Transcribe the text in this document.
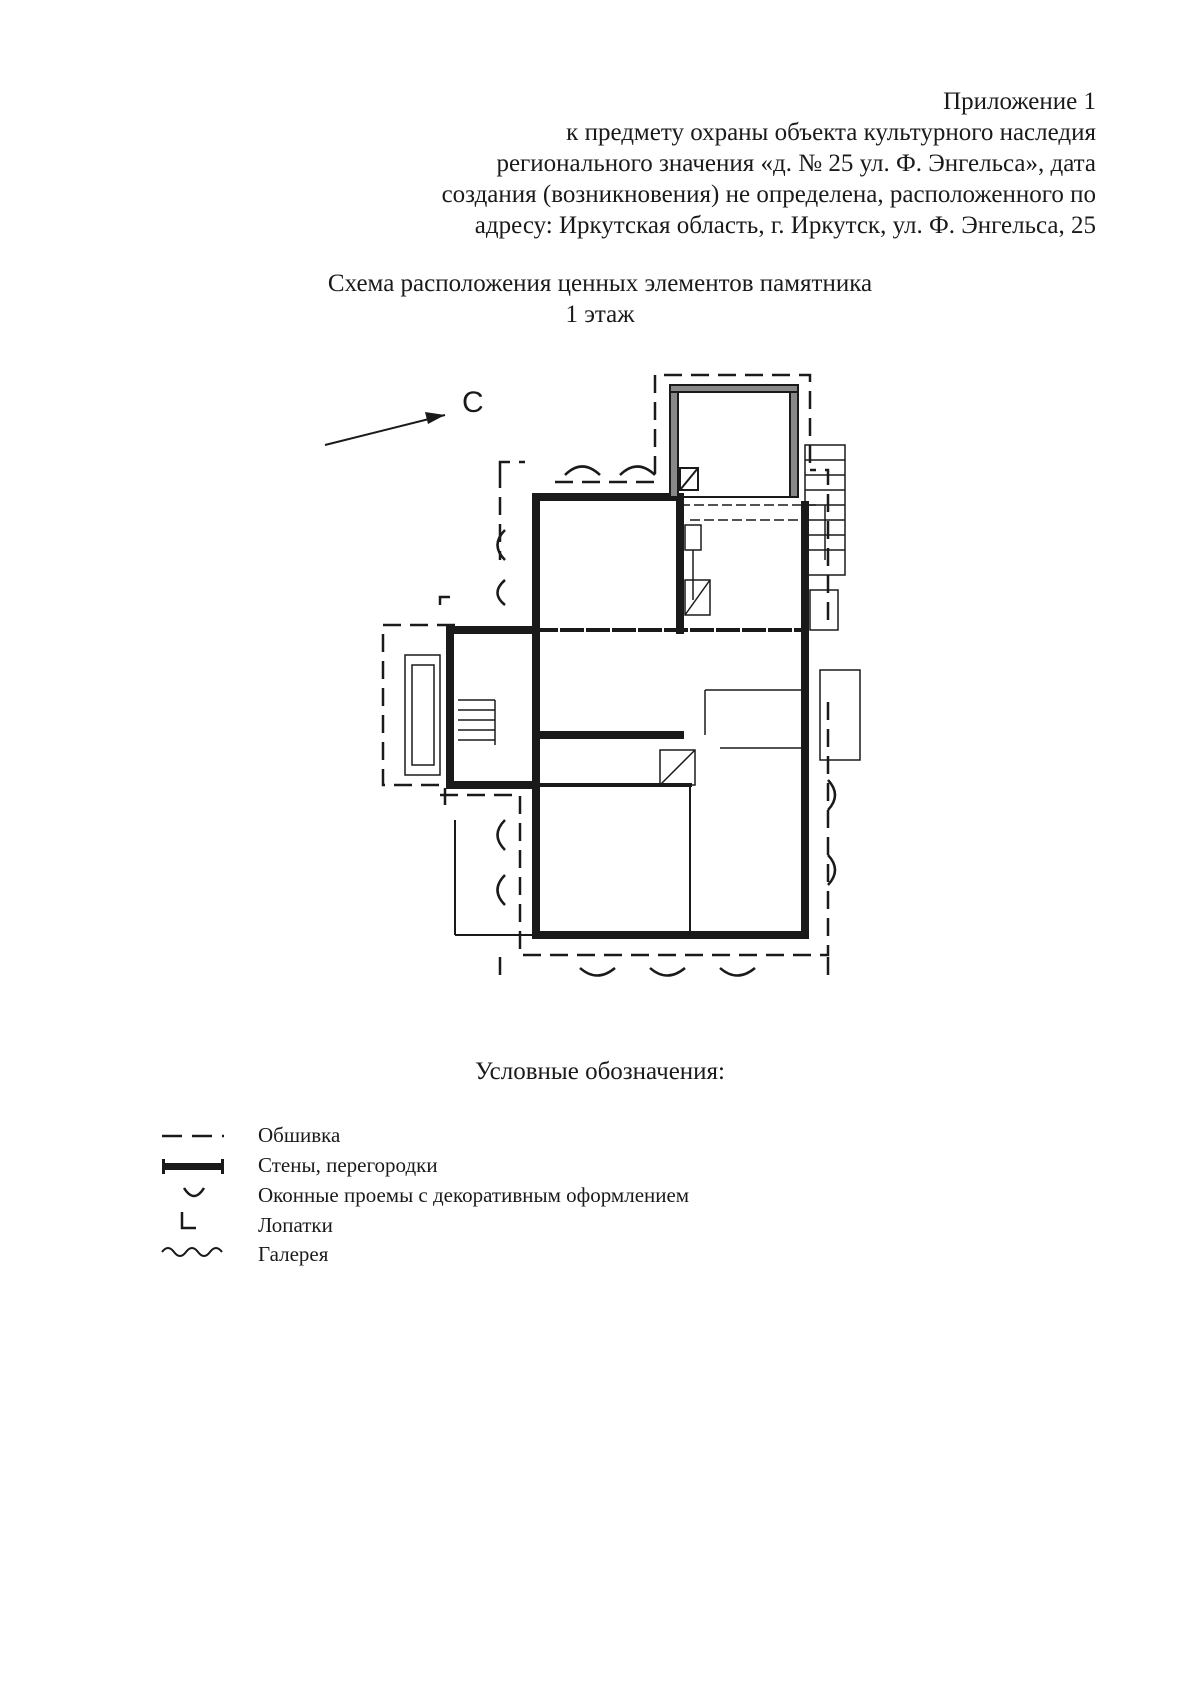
Приложение 1
к предмету охраны объекта культурного наследия
регионального значения «д. № 25 ул. Ф. Энгельса», дата
создания (возникновения) не определена, расположенного по
адресу: Иркутская область, г. Иркутск, ул. Ф. Энгельса, 25
Схема расположения ценных элементов памятника
1 этаж
С
Условные обозначения:
Обшивка
Стены, перегородки
Оконные проемы с декоративным оформлением
Лопатки
Галерея
